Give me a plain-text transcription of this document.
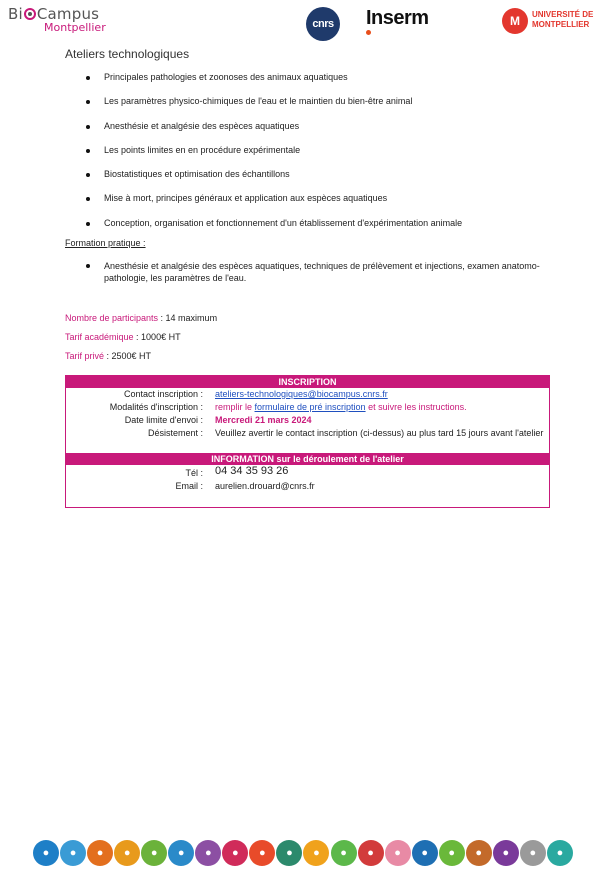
Bi Campus
Montpellier	cnrs	Inserm	M	UNIVERSITÉ DE
MONTPELLIER
Ateliers technologiques
Principales pathologies et zoonoses des animaux aquatiques
Les paramètres physico-chimiques de l'eau et le maintien du bien-être animal
Anesthésie et analgésie des espèces aquatiques
Les points limites en en procédure expérimentale
Biostatistiques et optimisation des échantillons
Mise à mort, principes généraux et application aux espèces aquatiques
Conception, organisation et fonctionnement d'un établissement d'expérimentation animale
Formation pratique :
Anesthésie et analgésie des espèces aquatiques, techniques de prélèvement et injections, examen anatomo-pathologie, les paramètres de l'eau.
Nombre de participants : 14 maximum
Tarif académique : 1000€ HT
Tarif privé : 2500€ HT
INSCRIPTION
Contact inscription : ateliers-technologiques@biocampus.cnrs.fr
Modalités d'inscription : remplir le formulaire de pré inscription et suivre les instructions.
Date limite d'envoi : Mercredi 21 mars 2024
Désistement : Veuillez avertir le contact inscription (ci-dessus) au plus tard 15 jours avant l'atelier
INFORMATION sur le déroulement de l'atelier
Tél : 04 34 35 93 26
Email : aurelien.drouard@cnrs.fr
●	●	●	●	●	●	●	●	●	●	●	●	●	●	●	●	●	●	●	●
